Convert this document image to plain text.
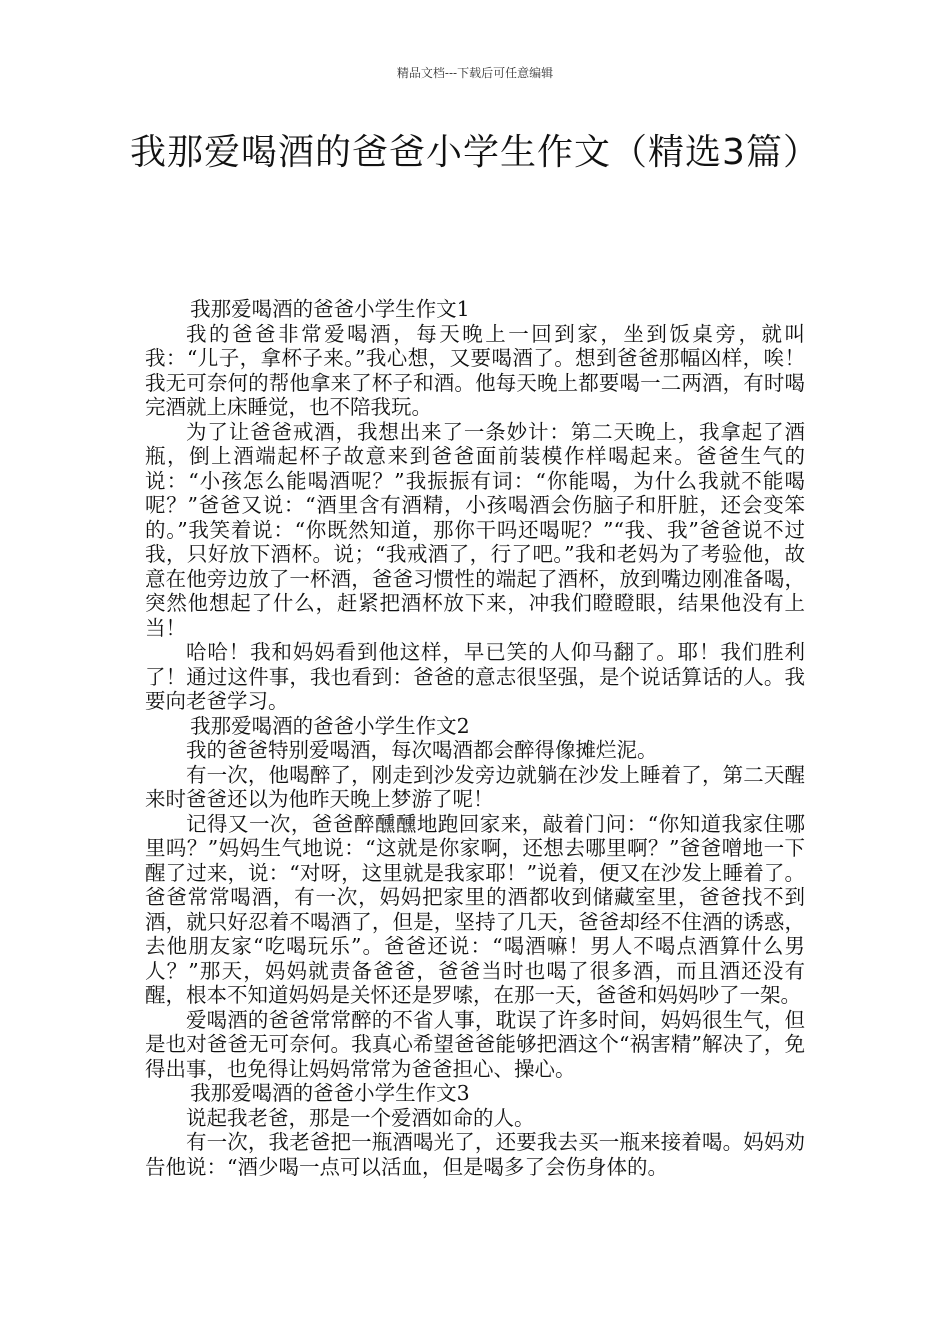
精品文档---下载后可任意编辑
我那爱喝酒的爸爸小学生作文（精选3篇）

我那爱喝酒的爸爸小学生作文1

我的爸爸非常爱喝酒，每天晚上一回到家，坐到饭桌旁，就叫我：“儿子，拿杯子来。”我心想，又要喝酒了。想到爸爸那幅凶样，唉！我无可奈何的帮他拿来了杯子和酒。他每天晚上都要喝一二两酒，有时喝完酒就上床睡觉，也不陪我玩。

为了让爸爸戒酒，我想出来了一条妙计：第二天晚上，我拿起了酒瓶，倒上酒端起杯子故意来到爸爸面前装模作样喝起来。爸爸生气的说：“小孩怎么能喝酒呢？”我振振有词：“你能喝，为什么我就不能喝呢？”爸爸又说：“酒里含有酒精，小孩喝酒会伤脑子和肝脏，还会变笨的。”我笑着说：“你既然知道，那你干吗还喝呢？”“我、我”爸爸说不过我，只好放下酒杯。说；“我戒酒了，行了吧。”我和老妈为了考验他，故意在他旁边放了一杯酒，爸爸习惯性的端起了酒杯，放到嘴边刚准备喝，突然他想起了什么，赶紧把酒杯放下来，冲我们瞪瞪眼，结果他没有上当！

哈哈！我和妈妈看到他这样，早已笑的人仰马翻了。耶！我们胜利了！通过这件事，我也看到：爸爸的意志很坚强，是个说话算话的人。我要向老爸学习。

我那爱喝酒的爸爸小学生作文2

我的爸爸特别爱喝酒，每次喝酒都会醉得像摊烂泥。

有一次，他喝醉了，刚走到沙发旁边就躺在沙发上睡着了，第二天醒来时爸爸还以为他昨天晚上梦游了呢！

记得又一次，爸爸醉醺醺地跑回家来，敲着门问：“你知道我家住哪里吗？”妈妈生气地说：“这就是你家啊，还想去哪里啊？”爸爸噌地一下醒了过来，说：“对呀，这里就是我家耶！”说着，便又在沙发上睡着了。爸爸常常喝酒，有一次，妈妈把家里的酒都收到储藏室里，爸爸找不到酒，就只好忍着不喝酒了，但是，坚持了几天，爸爸却经不住酒的诱惑，去他朋友家“吃喝玩乐”。爸爸还说：“喝酒嘛！男人不喝点酒算什么男人？”那天，妈妈就责备爸爸，爸爸当时也喝了很多酒，而且酒还没有醒，根本不知道妈妈是关怀还是罗嗦，在那一天，爸爸和妈妈吵了一架。

爱喝酒的爸爸常常醉的不省人事，耽误了许多时间，妈妈很生气，但是也对爸爸无可奈何。我真心希望爸爸能够把酒这个“祸害精”解决了，免得出事，也免得让妈妈常常为爸爸担心、操心。

我那爱喝酒的爸爸小学生作文3

说起我老爸，那是一个爱酒如命的人。

有一次，我老爸把一瓶酒喝光了，还要我去买一瓶来接着喝。妈妈劝告他说：“酒少喝一点可以活血，但是喝多了会伤身体的。
